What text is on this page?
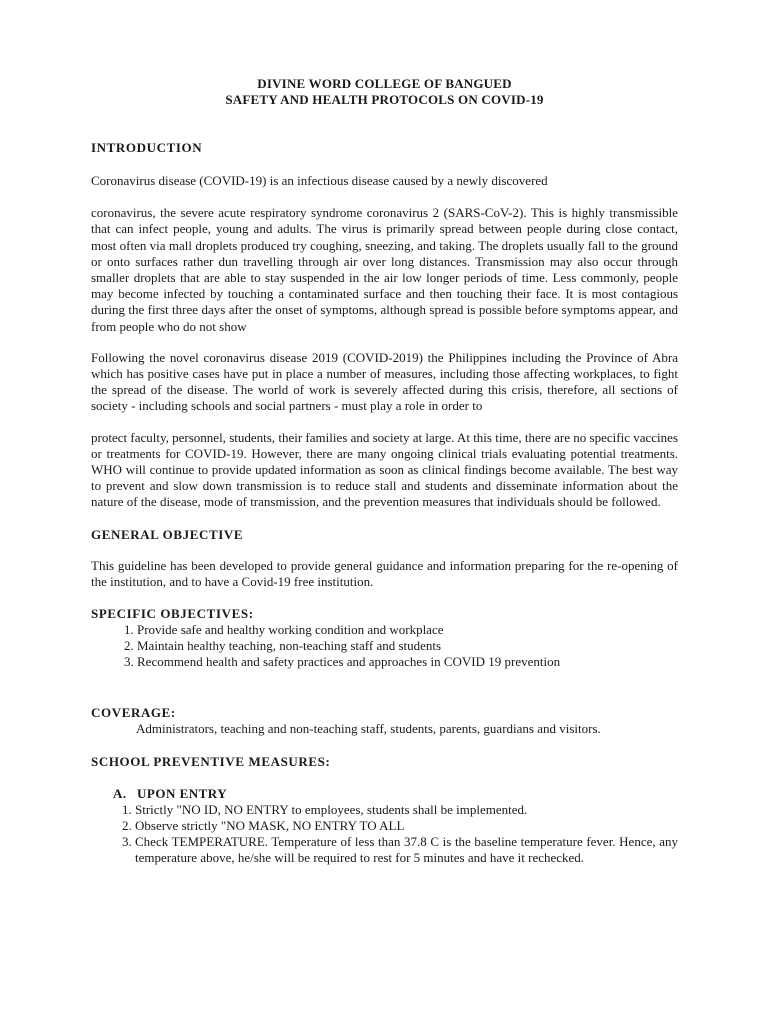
DIVINE WORD COLLEGE OF BANGUED
SAFETY AND HEALTH PROTOCOLS ON COVID-19
INTRODUCTION

Coronavirus disease (COVID-19) is an infectious disease caused by a newly discovered

coronavirus, the severe acute respiratory syndrome coronavirus 2 (SARS-CoV-2). This is highly transmissible that can infect people, young and adults. The virus is primarily spread between people during close contact, most often via mall droplets produced try coughing, sneezing, and taking. The droplets usually fall to the ground or onto surfaces rather dun travelling through air over long distances. Transmission may also occur through smaller droplets that are able to stay suspended in the air low longer periods of time. Less commonly, people may become infected by touching a contaminated surface and then touching their face. It is most contagious during the first three days after the onset of symptoms, although spread is possible before symptoms appear, and from people who do not show

Following the novel coronavirus disease 2019 (COVID-2019) the Philippines including the Province of Abra which has positive cases have put in place a number of measures, including those affecting workplaces, to fight the spread of the disease. The world of work is severely affected during this crisis, therefore, all sections of society - including schools and social partners - must play a role in order to

protect faculty, personnel, students, their families and society at large. At this time, there are no specific vaccines or treatments for COVID-19. However, there are many ongoing clinical trials evaluating potential treatments. WHO will continue to provide updated information as soon as clinical findings become available. The best way to prevent and slow down transmission is to reduce stall and students and disseminate information about the nature of the disease, mode of transmission, and the prevention measures that individuals should be followed.

GENERAL OBJECTIVE

This guideline has been developed to provide general guidance and information preparing for the re-opening of the institution, and to have a Covid-19 free institution.

SPECIFIC OBJECTIVES:
1. Provide safe and healthy working condition and workplace
2. Maintain healthy teaching, non-teaching staff and students
3. Recommend health and safety practices and approaches in COVID 19 prevention
COVERAGE:
Administrators, teaching and non-teaching staff, students, parents, guardians and visitors.
SCHOOL PREVENTIVE MEASURES:
A. UPON ENTRY
1. Strictly "NO ID, NO ENTRY to employees, students shall be implemented.
2. Observe strictly "NO MASK, NO ENTRY TO ALL
3. Check TEMPERATURE. Temperature of less than 37.8 C is the baseline temperature fever. Hence, any temperature above, he/she will be required to rest for 5 minutes and have it rechecked.
